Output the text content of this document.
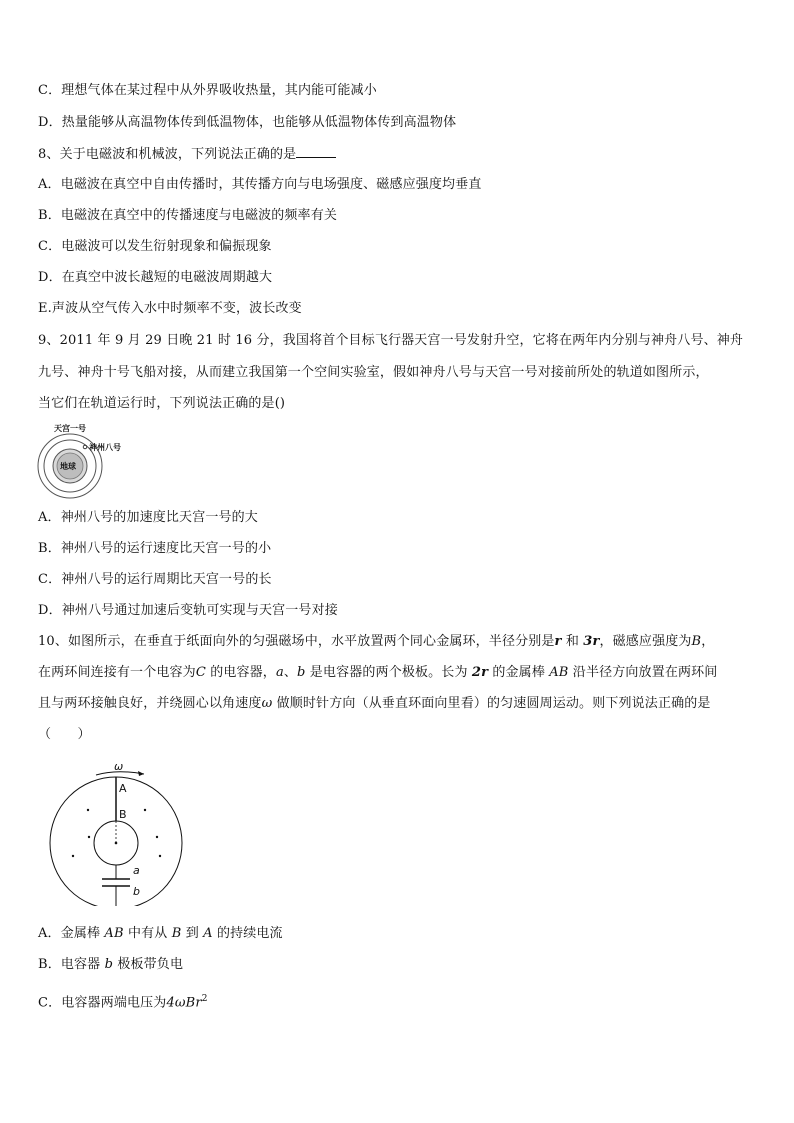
C．理想气体在某过程中从外界吸收热量，其内能可能减小
D．热量能够从高温物体传到低温物体，也能够从低温物体传到高温物体
8、关于电磁波和机械波，下列说法正确的是
A．电磁波在真空中自由传播时，其传播方向与电场强度、磁感应强度均垂直
B．电磁波在真空中的传播速度与电磁波的频率有关
C．电磁波可以发生衍射现象和偏振现象
D．在真空中波长越短的电磁波周期越大
E.声波从空气传入水中时频率不变，波长改变
9、2011 年 9 月 29 日晚 21 时 16 分，我国将首个目标飞行器天宫一号发射升空，它将在两年内分别与神舟八号、神舟
九号、神舟十号飞船对接，从而建立我国第一个空间实验室，假如神舟八号与天宫一号对接前所处的轨道如图所示，
当它们在轨道运行时，下列说法正确的是()
天宫一号
地球
神州八号
A．神州八号的加速度比天宫一号的大
B．神州八号的运行速度比天宫一号的小
C．神州八号的运行周期比天宫一号的长
D．神州八号通过加速后变轨可实现与天宫一号对接
10、如图所示，在垂直于纸面向外的匀强磁场中，水平放置两个同心金属环，半径分别是r 和 3r，磁感应强度为B，
在两环间连接有一个电容为C 的电容器，a、b 是电容器的两个极板。长为 2r 的金属棒 AB 沿半径方向放置在两环间
且与两环接触良好，并绕圆心以角速度ω 做顺时针方向（从垂直环面向里看）的匀速圆周运动。则下列说法正确的是
（　　）
ω
A
B
a
b
A．金属棒 AB 中有从 B 到 A 的持续电流
B．电容器 b 极板带负电
C．电容器两端电压为4ωBr$^2$
